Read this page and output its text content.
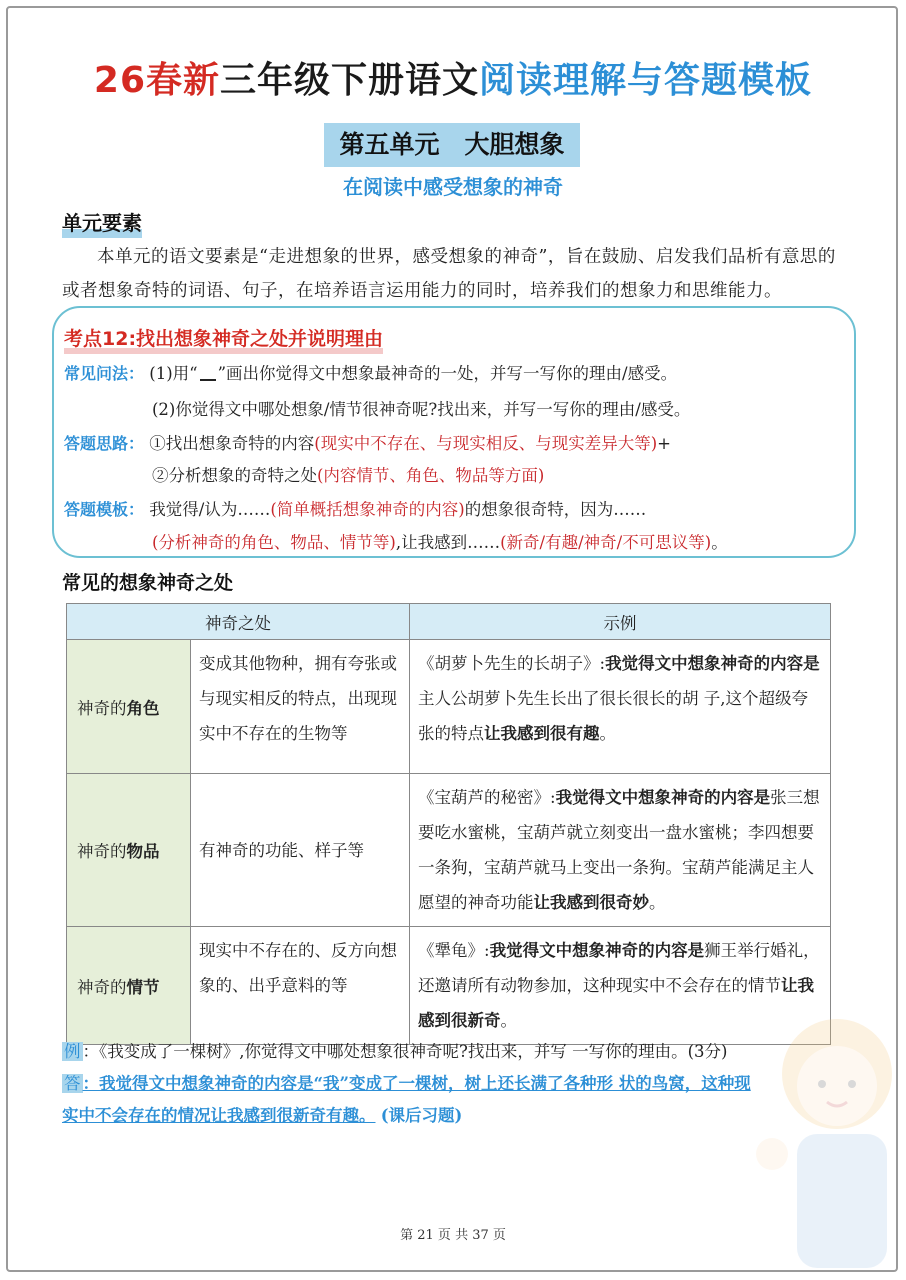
26春新三年级下册语文阅读理解与答题模板
第五单元　大胆想象
在阅读中感受想象的神奇
单元要素
本单元的语文要素是“走进想象的世界，感受想象的神奇”，旨在鼓励、启发我们品析有意思的或者想象奇特的词语、句子，在培养语言运用能力的同时，培养我们的想象力和思维能力。
考点12:找出想象神奇之处并说明理由
常见问法： (1)用“ ”画出你觉得文中想象最神奇的一处，并写一写你的理由/感受。
(2)你觉得文中哪处想象/情节很神奇呢?找出来，并写一写你的理由/感受。
答题思路： ①找出想象奇特的内容(现实中不存在、与现实相反、与现实差异大等)+
②分析想象的奇特之处(内容情节、角色、物品等方面)
答题模板： 我觉得/认为……(简单概括想象神奇的内容)的想象很奇特，因为……
(分析神奇的角色、物品、情节等),让我感到……(新奇/有趣/神奇/不可思议等)。
常见的想象神奇之处
神奇之处		示例
神奇的角色	变成其他物种，拥有夸张或与现实相反的特点，出现现实中不存在的生物等	《胡萝卜先生的长胡子》:我觉得文中想象神奇的内容是主人公胡萝卜先生长出了很长很长的胡 子,这个超级夸张的特点让我感到很有趣。
神奇的物品	有神奇的功能、样子等	《宝葫芦的秘密》:我觉得文中想象神奇的内容是张三想要吃水蜜桃，宝葫芦就立刻变出一盘水蜜桃；李四想要一条狗，宝葫芦就马上变出一条狗。宝葫芦能满足主人愿望的神奇功能让我感到很奇妙。
神奇的情节	现实中不存在的、反方向想象的、出乎意料的等	《犟龟》:我觉得文中想象神奇的内容是狮王举行婚礼，还邀请所有动物参加，这种现实中不会存在的情节让我感到很新奇。
例 ：《我变成了一棵树》,你觉得文中哪处想象很神奇呢?找出来，并写 一写你的理由。(3分)
答 ：我觉得文中想象神奇的内容是“我”变成了一棵树，树上还长满了各种形 状的鸟窝，这种现
实中不会存在的情况让我感到很新奇有趣。 (课后习题)
第 21 页 共 37 页
